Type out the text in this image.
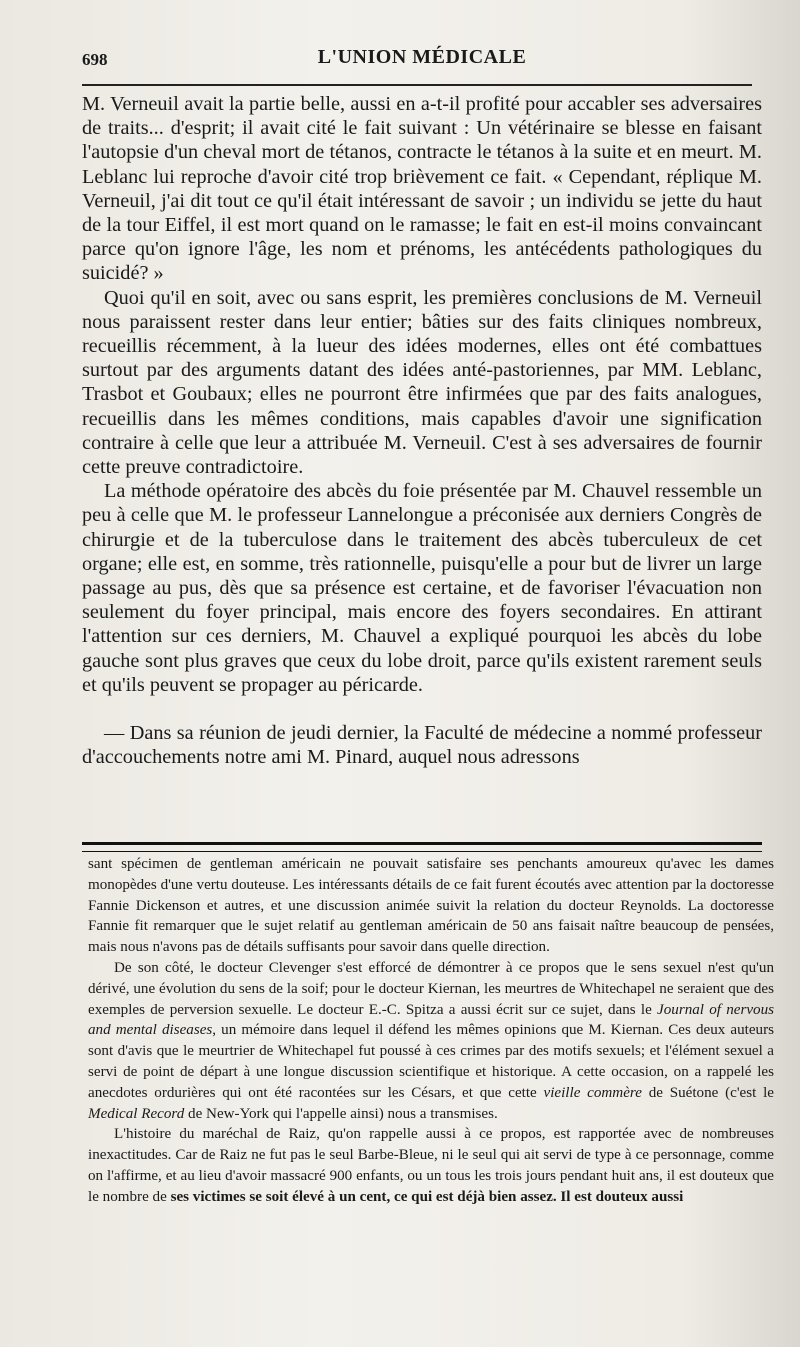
698	L'UNION MÉDICALE

M. Verneuil avait la partie belle, aussi en a-t-il profité pour accabler ses adversaires de traits... d'esprit; il avait cité le fait suivant : Un vétérinaire se blesse en faisant l'autopsie d'un cheval mort de tétanos, contracte le tétanos à la suite et en meurt. M. Leblanc lui reproche d'avoir cité trop brièvement ce fait. « Cependant, réplique M. Verneuil, j'ai dit tout ce qu'il était intéressant de savoir ; un individu se jette du haut de la tour Eiffel, il est mort quand on le ramasse; le fait en est-il moins convaincant parce qu'on ignore l'âge, les nom et prénoms, les antécédents pathologiques du suicidé? »

Quoi qu'il en soit, avec ou sans esprit, les premières conclusions de M. Verneuil nous paraissent rester dans leur entier; bâties sur des faits cliniques nombreux, recueillis récemment, à la lueur des idées modernes, elles ont été combattues surtout par des arguments datant des idées anté-pastoriennes, par MM. Leblanc, Trasbot et Goubaux; elles ne pourront être infirmées que par des faits analogues, recueillis dans les mêmes conditions, mais capables d'avoir une signification contraire à celle que leur a attribuée M. Verneuil. C'est à ses adversaires de fournir cette preuve contradictoire.

La méthode opératoire des abcès du foie présentée par M. Chauvel ressemble un peu à celle que M. le professeur Lannelongue a préconisée aux derniers Congrès de chirurgie et de la tuberculose dans le traitement des abcès tuberculeux de cet organe; elle est, en somme, très rationnelle, puisqu'elle a pour but de livrer un large passage au pus, dès que sa présence est certaine, et de favoriser l'évacuation non seulement du foyer principal, mais encore des foyers secondaires. En attirant l'attention sur ces derniers, M. Chauvel a expliqué pourquoi les abcès du lobe gauche sont plus graves que ceux du lobe droit, parce qu'ils existent rarement seuls et qu'ils peuvent se propager au péricarde.

— Dans sa réunion de jeudi dernier, la Faculté de médecine a nommé professeur d'accouchements notre ami M. Pinard, auquel nous adressons

sant spécimen de gentleman américain ne pouvait satisfaire ses penchants amoureux qu'avec les dames monopèdes d'une vertu douteuse. Les intéressants détails de ce fait furent écoutés avec attention par la doctoresse Fannie Dickenson et autres, et une discussion animée suivit la relation du docteur Reynolds. La doctoresse Fannie fit remarquer que le sujet relatif au gentleman américain de 50 ans faisait naître beaucoup de pensées, mais nous n'avons pas de détails suffisants pour savoir dans quelle direction.

De son côté, le docteur Clevenger s'est efforcé de démontrer à ce propos que le sens sexuel n'est qu'un dérivé, une évolution du sens de la soif; pour le docteur Kiernan, les meurtres de Whitechapel ne seraient que des exemples de perversion sexuelle. Le docteur E.-C. Spitza a aussi écrit sur ce sujet, dans le Journal of nervous and mental diseases, un mémoire dans lequel il défend les mêmes opinions que M. Kiernan. Ces deux auteurs sont d'avis que le meurtrier de Whitechapel fut poussé à ces crimes par des motifs sexuels; et l'élément sexuel a servi de point de départ à une longue discussion scientifique et historique. A cette occasion, on a rappelé les anecdotes ordurières qui ont été racontées sur les Césars, et que cette vieille commère de Suétone (c'est le Medical Record de New-York qui l'appelle ainsi) nous a transmises.

L'histoire du maréchal de Raiz, qu'on rappelle aussi à ce propos, est rapportée avec de nombreuses inexactitudes. Car de Raiz ne fut pas le seul Barbe-Bleue, ni le seul qui ait servi de type à ce personnage, comme on l'affirme, et au lieu d'avoir massacré 900 enfants, ou un tous les trois jours pendant huit ans, il est douteux que le nombre de ses victimes se soit élevé à un cent, ce qui est déjà bien assez. Il est douteux aussi
